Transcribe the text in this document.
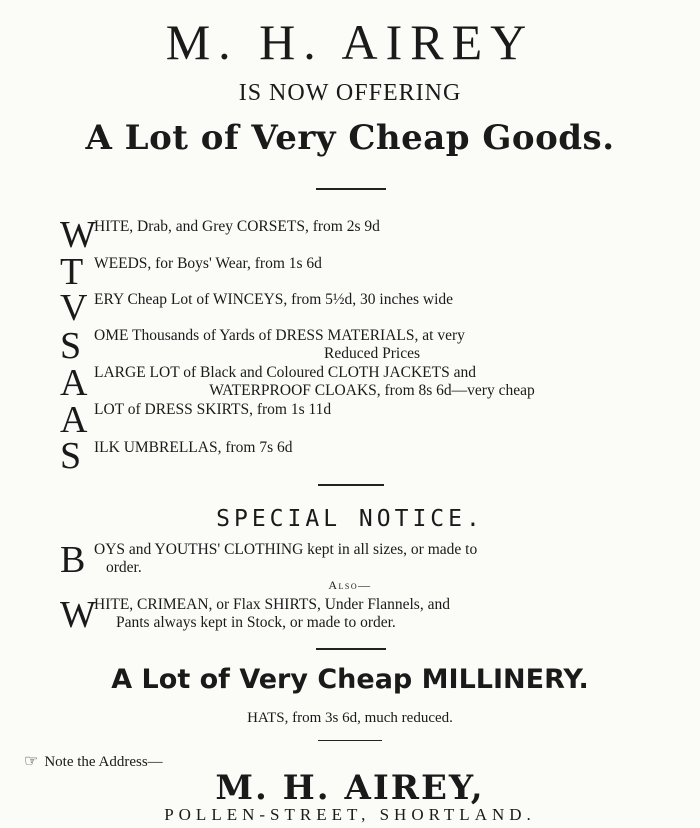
M. H. AIREY
IS NOW OFFERING
A Lot of Very Cheap Goods.
W
HITE, Drab, and Grey CORSETS, from 2s 9d
T WEEDS, for Boys' Wear, from 1s 6d
V ERY Cheap Lot of WINCEYS, from 5½d, 30 inches wide
S OME Thousands of Yards of DRESS MATERIALS, at very
Reduced Prices
A LARGE LOT of Black and Coloured CLOTH JACKETS and
WATERPROOF CLOAKS, from 8s 6d—very cheap
A LOT of DRESS SKIRTS, from 1s 11d
S ILK UMBRELLAS, from 7s 6d
SPECIAL NOTICE.
B OYS and YOUTHS' CLOTHING kept in all sizes, or made to
order.
Also—
W
HITE, CRIMEAN, or Flax SHIRTS, Under Flannels, and
Pants always kept in Stock, or made to order.
A Lot of Very Cheap MILLINERY.
HATS, from 3s 6d, much reduced.
☞ Note the Address—
M. H. AIREY,
POLLEN-STREET, SHORTLAND.
